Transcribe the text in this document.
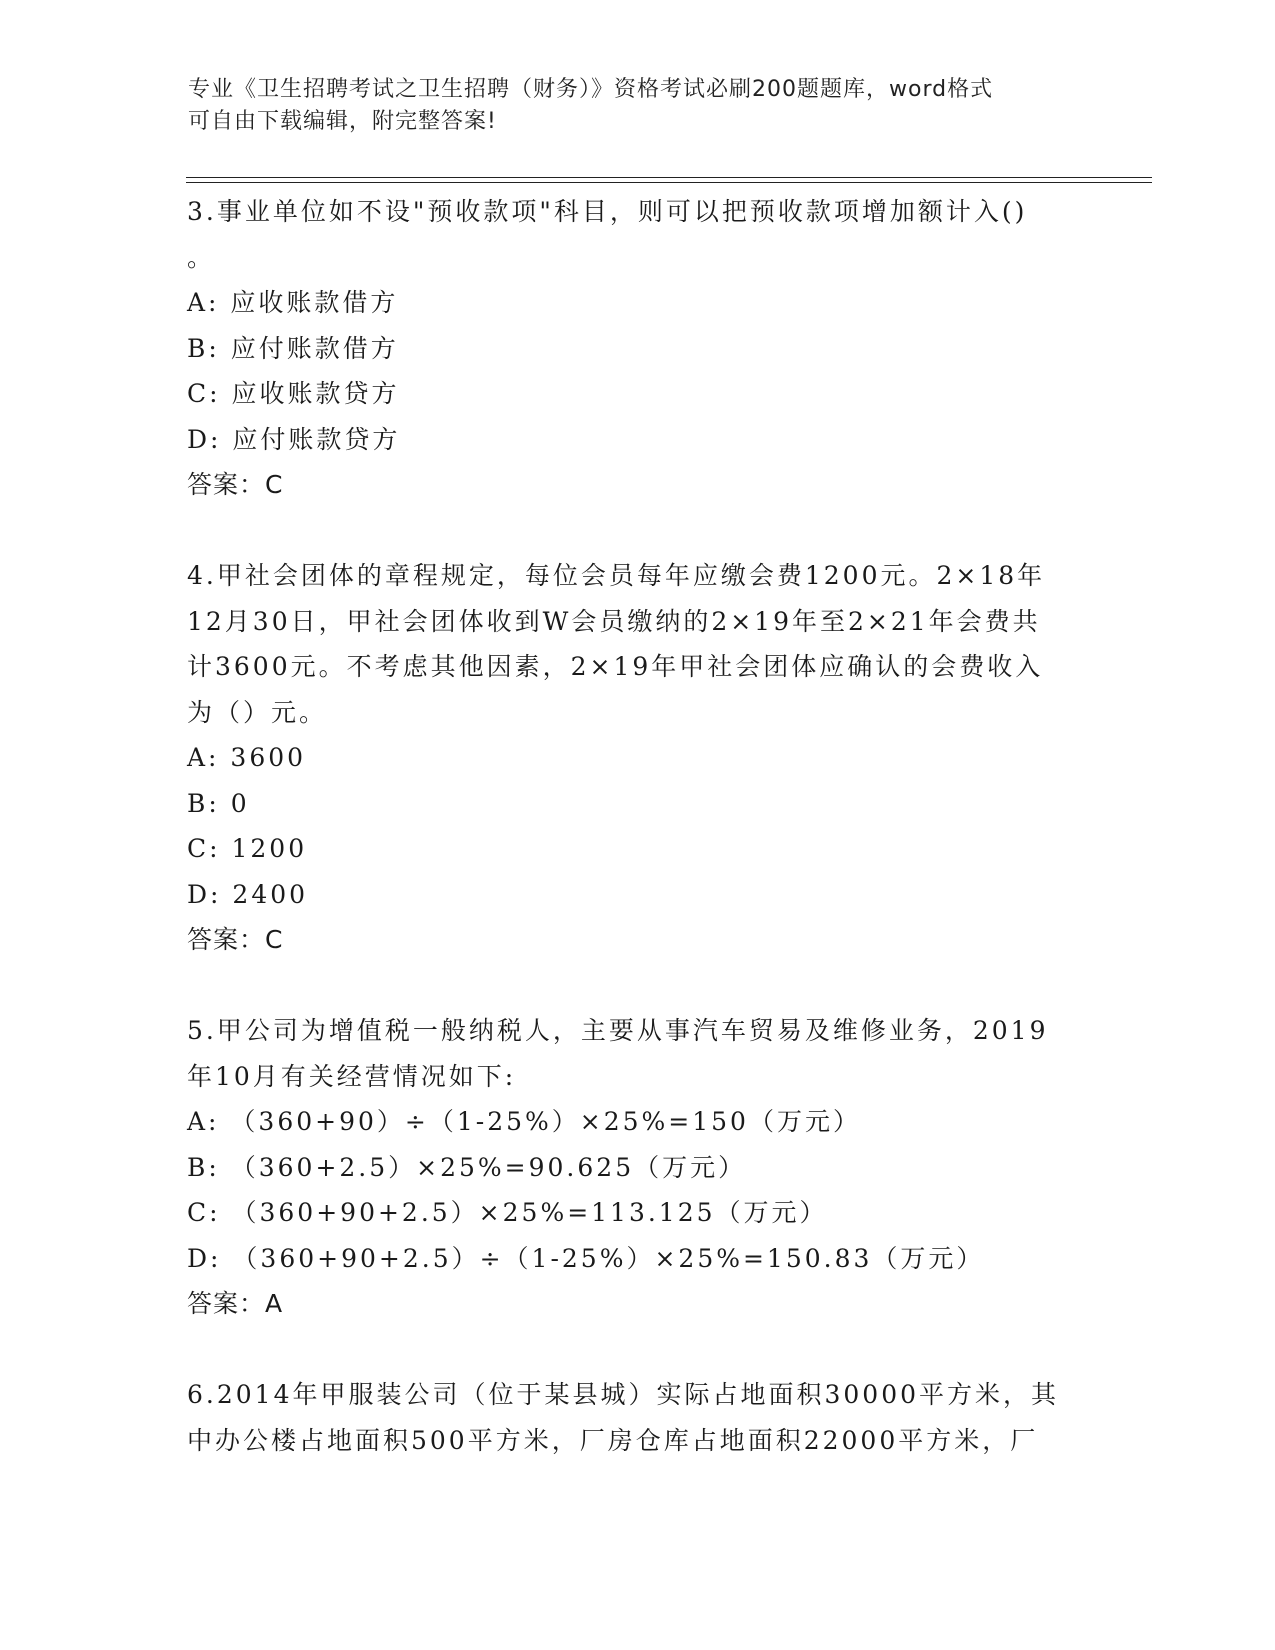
专业《卫生招聘考试之卫生招聘（财务）》资格考试必刷200题题库，word格式
可自由下载编辑，附完整答案!
3.事业单位如不设"预收款项"科目，则可以把预收款项增加额计入()
。
A: 应收账款借方
B: 应付账款借方
C: 应收账款贷方
D: 应付账款贷方
答案：C
4.甲社会团体的章程规定，每位会员每年应缴会费1200元。2×18年
12月30日，甲社会团体收到W会员缴纳的2×19年至2×21年会费共
计3600元。不考虑其他因素，2×19年甲社会团体应确认的会费收入
为（）元。
A: 3600
B: 0
C: 1200
D: 2400
答案：C
5.甲公司为增值税一般纳税人，主要从事汽车贸易及维修业务，2019
年10月有关经营情况如下:
A: （360+90）÷（1-25%）×25%=150（万元）
B: （360+2.5）×25%=90.625（万元）
C: （360+90+2.5）×25%=113.125（万元）
D: （360+90+2.5）÷（1-25%）×25%=150.83（万元）
答案：A
6.2014年甲服装公司（位于某县城）实际占地面积30000平方米，其
中办公楼占地面积500平方米，厂房仓库占地面积22000平方米，厂
